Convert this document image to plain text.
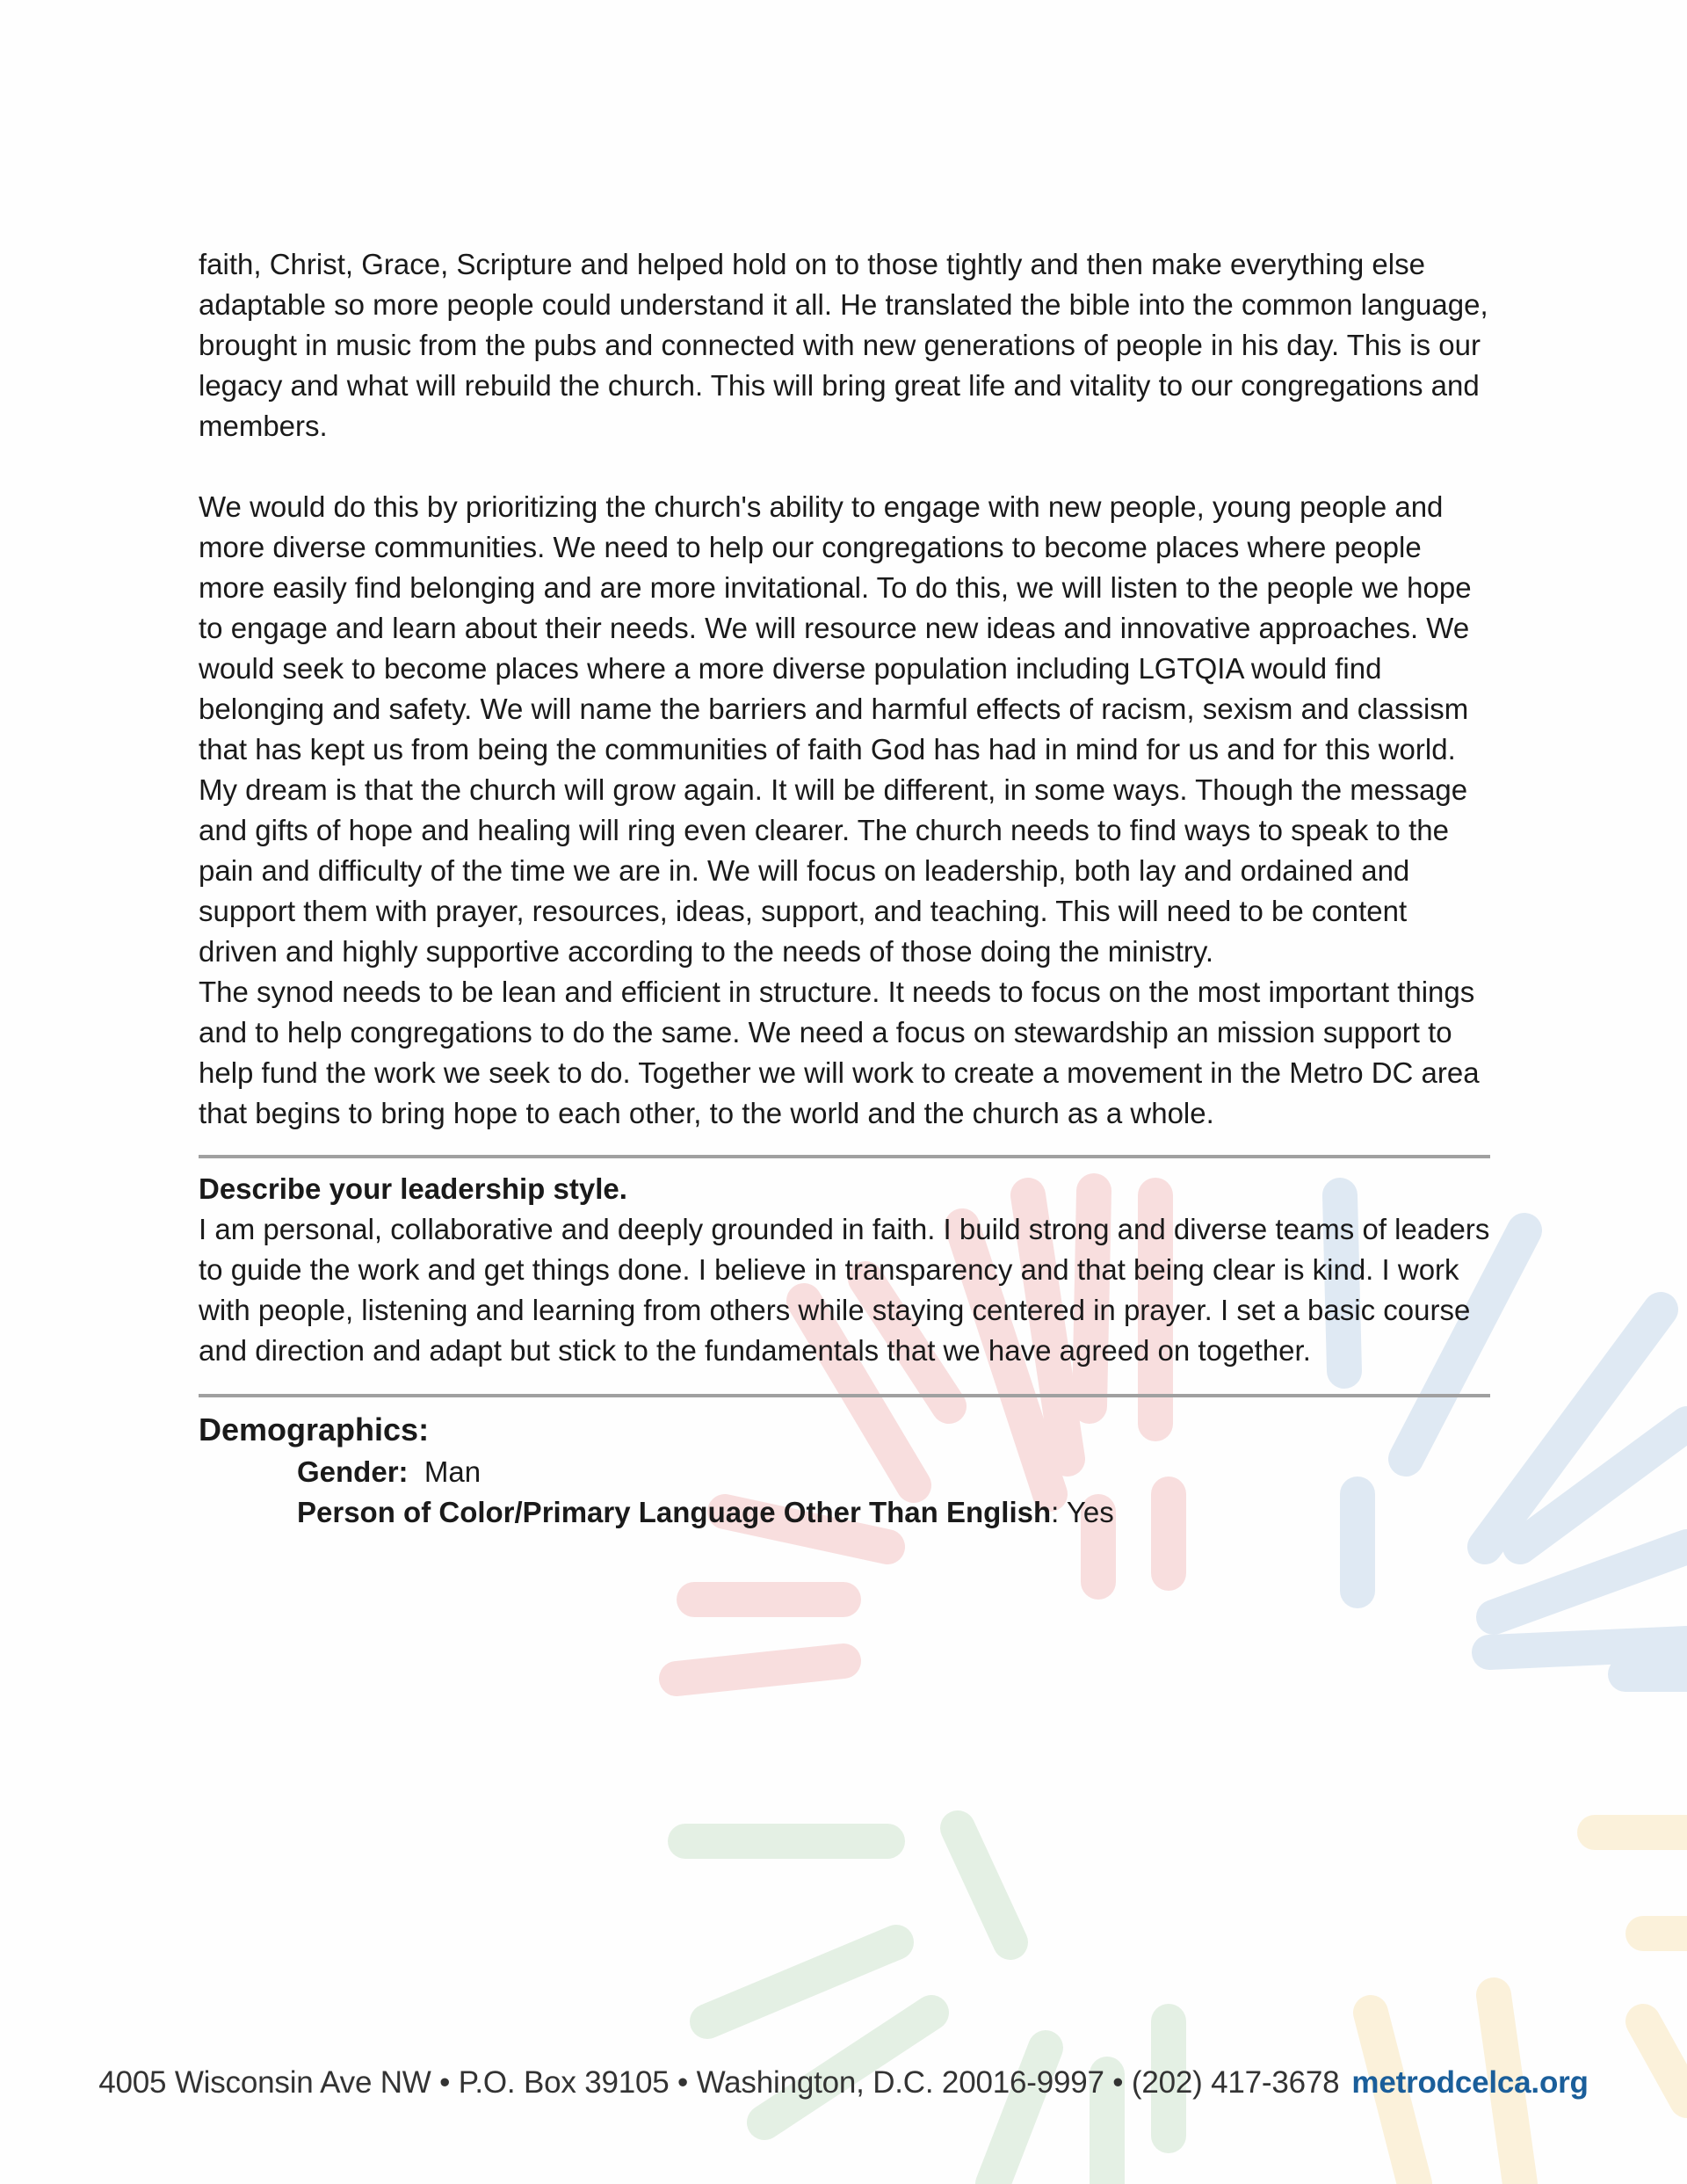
faith, Christ, Grace, Scripture and helped hold on to those tightly and then make everything else adaptable so more people could understand it all. He translated the bible into the common language, brought in music from the pubs and connected with new generations of people in his day. This is our legacy and what will rebuild the church. This will bring great life and vitality to our congregations and members.

We would do this by prioritizing the church's ability to engage with new people, young people and more diverse communities. We need to help our congregations to become places where people more easily find belonging and are more invitational. To do this, we will listen to the people we hope to engage and learn about their needs. We will resource new ideas and innovative approaches. We would seek to become places where a more diverse population including LGTQIA would find belonging and safety. We will name the barriers and harmful effects of racism, sexism and classism that has kept us from being the communities of faith God has had in mind for us and for this world. My dream is that the church will grow again. It will be different, in some ways. Though the message and gifts of hope and healing will ring even clearer. The church needs to find ways to speak to the pain and difficulty of the time we are in. We will focus on leadership, both lay and ordained and support them with prayer, resources, ideas, support, and teaching. This will need to be content driven and highly supportive according to the needs of those doing the ministry.

The synod needs to be lean and efficient in structure. It needs to focus on the most important things and to help congregations to do the same. We need a focus on stewardship an mission support to help fund the work we seek to do. Together we will work to create a movement in the Metro DC area that begins to bring hope to each other, to the world and the church as a whole.

Describe your leadership style.

I am personal, collaborative and deeply grounded in faith. I build strong and diverse teams of leaders to guide the work and get things done. I believe in transparency and that being clear is kind. I work with people, listening and learning from others while staying centered in prayer. I set a basic course and direction and adapt but stick to the fundamentals that we have agreed on together.

Demographics:

Gender: Man

Person of Color/Primary Language Other Than English: Yes

4005 Wisconsin Ave NW • P.O. Box 39105 • Washington, D.C. 20016-9997 • (202) 417-3678 metrodcelca.org
